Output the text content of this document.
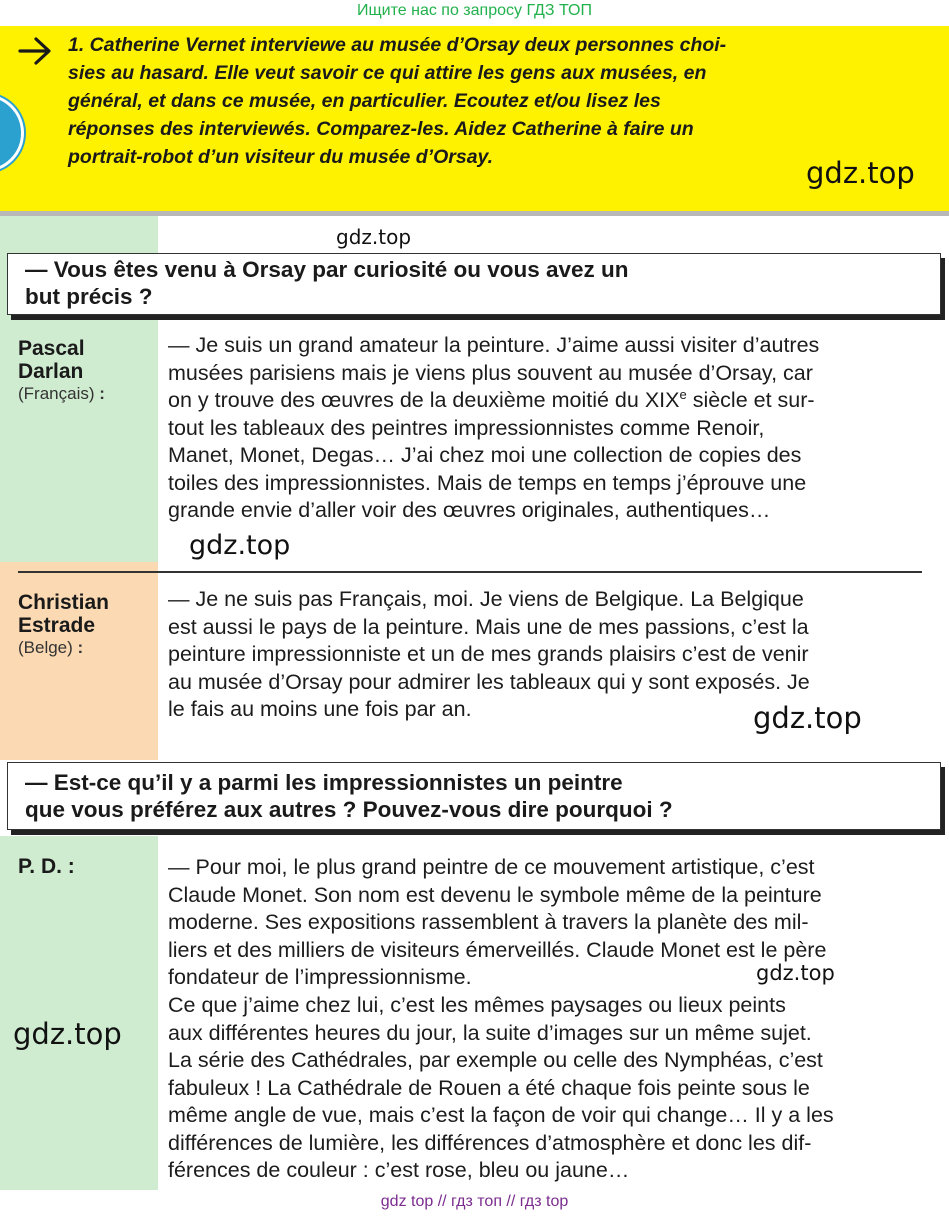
Ищите нас по запросу ГДЗ ТОП
1. Catherine Vernet interviewe au musée d’Orsay deux personnes choi-
sies au hasard. Elle veut savoir ce qui attire les gens aux musées, en
général, et dans ce musée, en particulier. Ecoutez et/ou lisez les
réponses des interviewés. Comparez-les. Aidez Catherine à faire un
portrait-robot d’un visiteur du musée d’Orsay.	gdz.top
gdz.top
— Vous êtes venu à Orsay par curiosité ou vous avez un
but précis ?
Pascal
Darlan
(Français) :
— Je suis un grand amateur la peinture. J’aime aussi visiter d’autres
musées parisiens mais je viens plus souvent au musée d’Orsay, car
on y trouve des œuvres de la deuxième moitié du XIXe siècle et sur-
tout les tableaux des peintres impressionnistes comme Renoir,
Manet, Monet, Degas… J’ai chez moi une collection de copies des
toiles des impressionnistes. Mais de temps en temps j’éprouve une
grande envie d’aller voir des œuvres originales, authentiques…
gdz.top
Christian
Estrade
(Belge) :
— Je ne suis pas Français, moi. Je viens de Belgique. La Belgique
est aussi le pays de la peinture. Mais une de mes passions, c’est la
peinture impressionniste et un de mes grands plaisirs c’est de venir
au musée d’Orsay pour admirer les tableaux qui y sont exposés. Je
le fais au moins une fois par an.	gdz.top
— Est-ce qu’il y a parmi les impressionnistes un peintre
que vous préférez aux autres ? Pouvez-vous dire pourquoi ?
P. D. :	— Pour moi, le plus grand peintre de ce mouvement artistique, c’est
Claude Monet. Son nom est devenu le symbole même de la peinture
moderne. Ses expositions rassemblent à travers la planète des mil-
liers et des milliers de visiteurs émerveillés. Claude Monet est le père
fondateur de l’impressionnisme.	gdz.top
Ce que j’aime chez lui, c’est les mêmes paysages ou lieux peints
aux différentes heures du jour, la suite d’images sur un même sujet.
La série des Cathédrales, par exemple ou celle des Nymphéas, c’est
fabuleux ! La Cathédrale de Rouen a été chaque fois peinte sous le
même angle de vue, mais c’est la façon de voir qui change… Il y a les
différences de lumière, les différences d’atmosphère et donc les dif-
férences de couleur : c’est rose, bleu ou jaune…
gdz.top
gdz top // гдз топ // гдз top
